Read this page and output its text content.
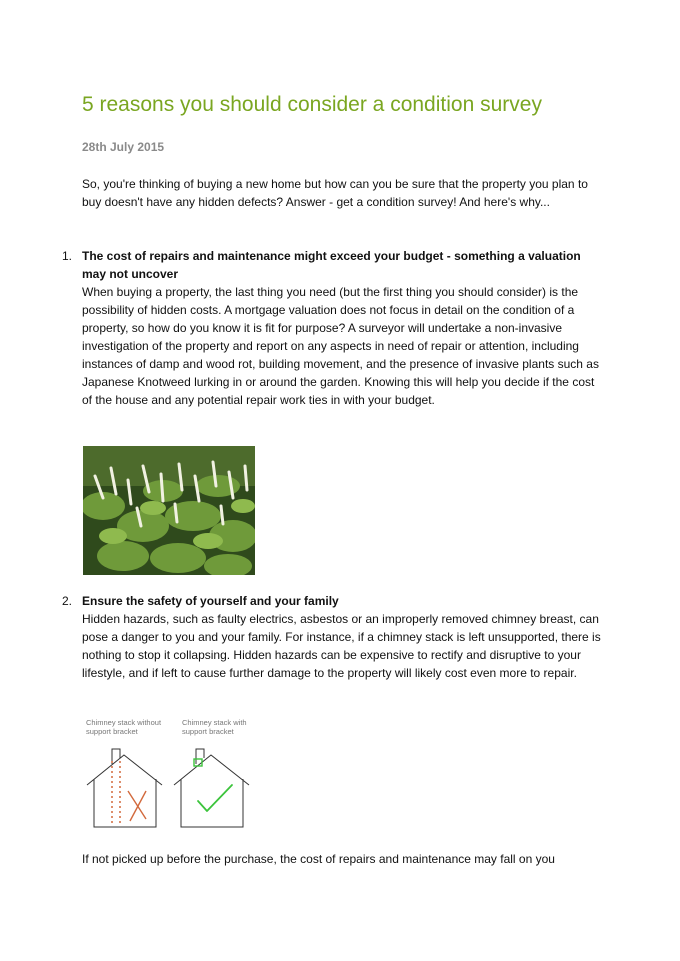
5 reasons you should consider a condition survey
28th July 2015

So, you're thinking of buying a new home but how can you be sure that the property you plan to buy doesn't have any hidden defects? Answer - get a condition survey! And here's why...

1. The cost of repairs and maintenance might exceed your budget - something a valuation may not uncover

When buying a property, the last thing you need (but the first thing you should consider) is the possibility of hidden costs. A mortgage valuation does not focus in detail on the condition of a property, so how do you know it is fit for purpose? A surveyor will undertake a non-invasive investigation of the property and report on any aspects in need of repair or attention, including instances of damp and wood rot, building movement, and the presence of invasive plants such as Japanese Knotweed lurking in or around the garden. Knowing this will help you decide if the cost of the house and any potential repair work ties in with your budget.

2. Ensure the safety of yourself and your family

Hidden hazards, such as faulty electrics, asbestos or an improperly removed chimney breast, can pose a danger to you and your family. For instance, if a chimney stack is left unsupported, there is nothing to stop it collapsing. Hidden hazards can be expensive to rectify and disruptive to your lifestyle, and if left to cause further damage to the property will likely cost even more to repair.

If not picked up before the purchase, the cost of repairs and maintenance may fall on you

Chimney stack without
support bracket
Chimney stack with
support bracket
